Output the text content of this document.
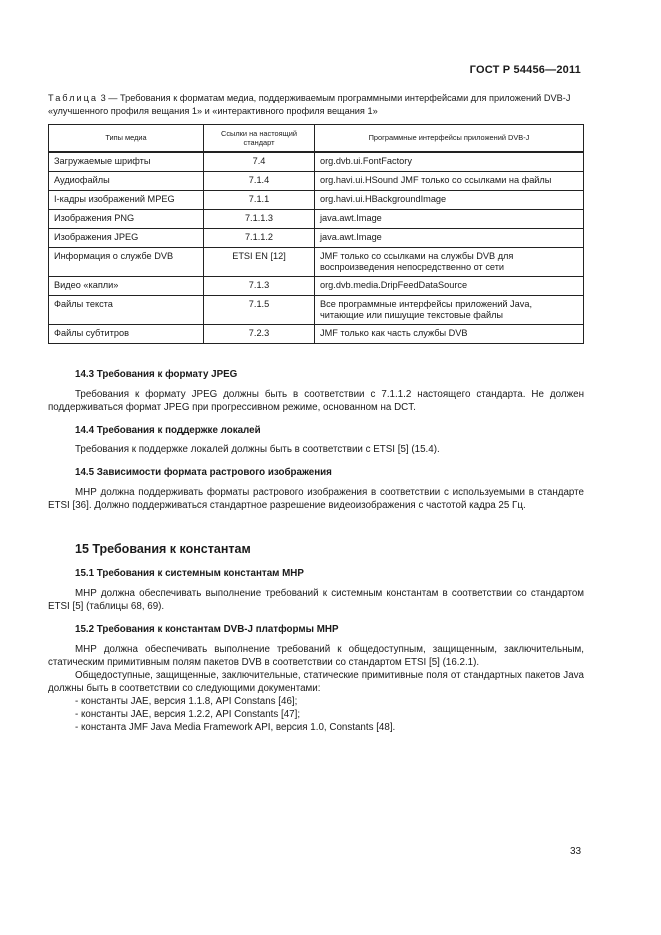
ГОСТ Р 54456—2011
Таблица 3 — Требования к форматам медиа, поддерживаемым программными интерфейсами для приложений DVB-J «улучшенного профиля вещания 1» и «интерактивного профиля вещания 1»
Типы медиа	Ссылки на настоящий стандарт	Программные интерфейсы приложений DVB-J
Загружаемые шрифты	7.4	org.dvb.ui.FontFactory
Аудиофайлы	7.1.4	org.havi.ui.HSound JMF только со ссылками на файлы
I-кадры изображений MPEG	7.1.1	org.havi.ui.HBackgroundImage
Изображения PNG	7.1.1.3	java.awt.Image
Изображения JPEG	7.1.1.2	java.awt.Image
Информация о службе DVB	ETSI EN [12]	JMF только со ссылками на службы DVB для воспроизведения непосредственно от сети
Видео «капли»	7.1.3	org.dvb.media.DripFeedDataSource
Файлы текста	7.1.5	Все программные интерфейсы приложений Java, читающие или пишущие текстовые файлы
Файлы субтитров	7.2.3	JMF только как часть службы DVB
14.3 Требования к формату JPEG
Требования к формату JPEG должны быть в соответствии с 7.1.1.2 настоящего стандарта. Не должен поддерживаться формат JPEG при прогрессивном режиме, основанном на DCT.
14.4 Требования к поддержке локалей
Требования к поддержке локалей должны быть в соответствии с ETSI [5] (15.4).
14.5 Зависимости формата растрового изображения
МНР должна поддерживать форматы растрового изображения в соответствии с используемыми в стандарте ETSI [36]. Должно поддерживаться стандартное разрешение видеоизображения с частотой кадра 25 Гц.
15 Требования к константам
15.1 Требования к системным константам МНР
МНР должна обеспечивать выполнение требований к системным константам в соответствии со стандартом ETSI [5] (таблицы 68, 69).
15.2 Требования к константам DVB-J платформы МНР
МНР должна обеспечивать выполнение требований к общедоступным, защищенным, заключительным, статическим примитивным полям пакетов DVB в соответствии со стандартом ETSI [5] (16.2.1).
Общедоступные, защищенные, заключительные, статические примитивные поля от стандартных пакетов Java должны быть в соответствии со следующими документами:
- константы JAE, версия 1.1.8, API Constans [46];
- константы JAE, версия 1.2.2, API Constants [47];
- константа JMF Java Media Framework API, версия 1.0, Constants [48].
33
